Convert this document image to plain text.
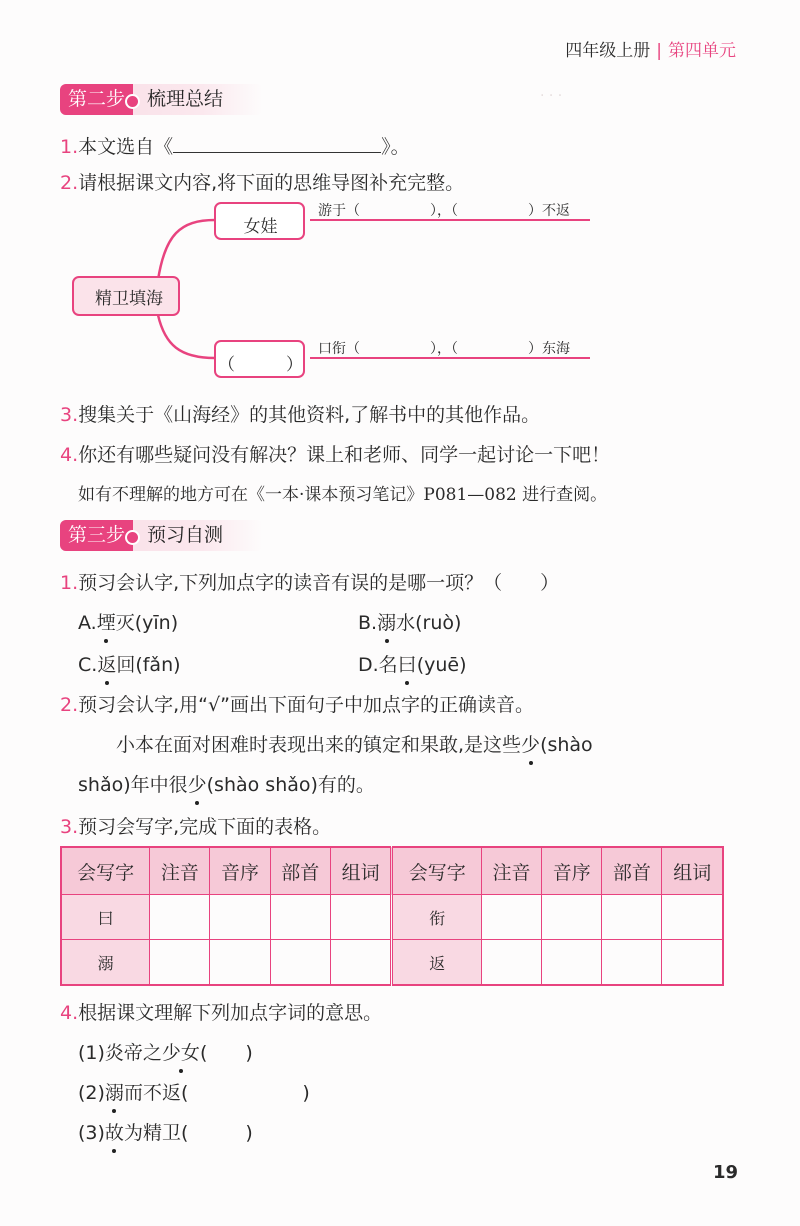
四年级上册 | 第四单元
· · ·
第二步 梳理总结
1.本文选自《	》。
2.请根据课文内容,将下面的思维导图补充完整。
精卫填海
女娃
游于（　　　　　），（　　　　　）不返
（　　　）
口衔（　　　　　），（　　　　　）东海
3.搜集关于《山海经》的其他资料,了解书中的其他作品。
4.你还有哪些疑问没有解决？课上和老师、同学一起讨论一下吧！
如有不理解的地方可在《一本·课本预习笔记》P081—082 进行查阅。
第三步 预习自测
1.预习会认字,下列加点字的读音有误的是哪一项？（　　）
A.堙灭(yīn)	B.溺水(ruò)
C.返回(fǎn)	D.名曰(yuē)
2.预习会认字,用“√”画出下面句子中加点字的正确读音。
小本在面对困难时表现出来的镇定和果敢,是这些少(shào
shǎo)年中很少(shào shǎo)有的。
3.预习会写字,完成下面的表格。
会写字	注音	音序	部首	组词	会写字	注音	音序	部首	组词
曰					衔				
溺					返				
4.根据课文理解下列加点字词的意思。
(1)炎帝之少女(　　)
(2)溺而不返(　　　　　　)
(3)故为精卫(　　　)
19
